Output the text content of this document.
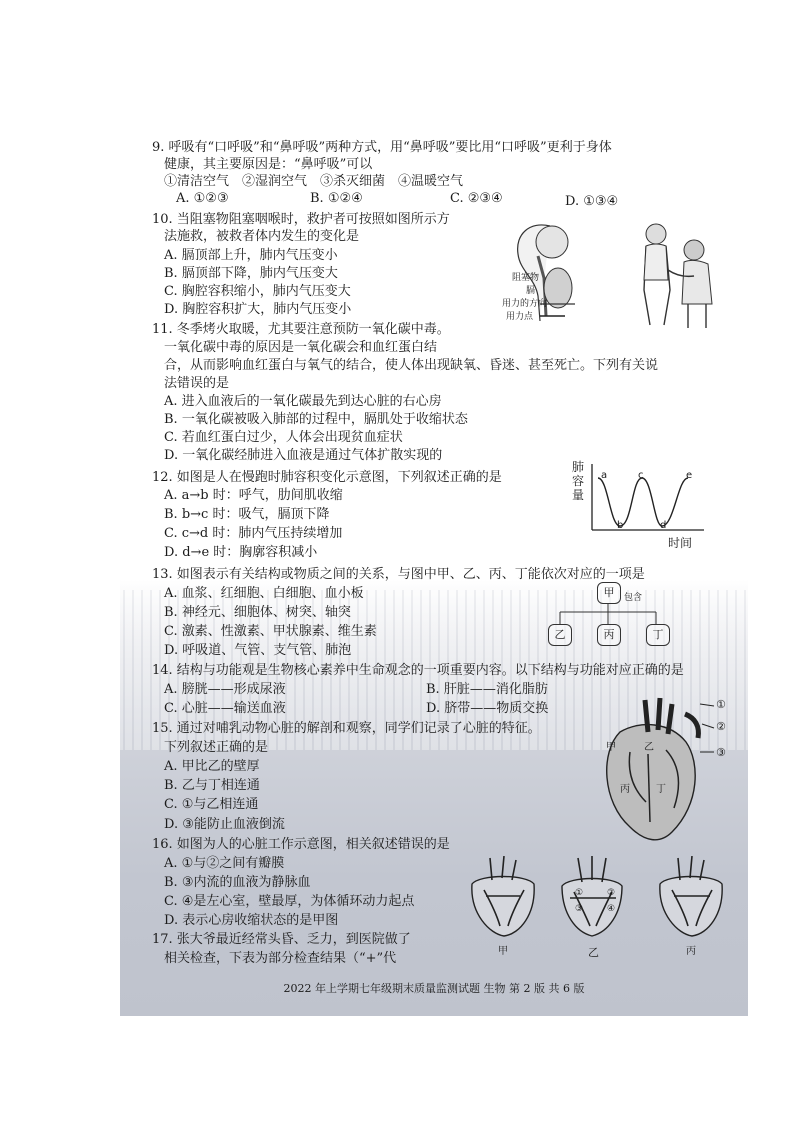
9. 呼吸有“口呼吸”和“鼻呼吸”两种方式，用“鼻呼吸”要比用“口呼吸”更利于身体
健康，其主要原因是：“鼻呼吸”可以
①清洁空气　②湿润空气　③杀灭细菌　④温暖空气
A. ①②③	B. ①②④	C. ②③④	D. ①③④
10. 当阻塞物阻塞咽喉时，救护者可按照如图所示方
法施救，被救者体内发生的变化是
A. 膈顶部上升，肺内气压变小
B. 膈顶部下降，肺内气压变大
C. 胸腔容积缩小，肺内气压变大
D. 胸腔容积扩大，肺内气压变小
阻塞物
膈
用力的方向
用力点
11. 冬季烤火取暖，尤其要注意预防一氧化碳中毒。
一氧化碳中毒的原因是一氧化碳会和血红蛋白结
合，从而影响血红蛋白与氧气的结合，使人体出现缺氧、昏迷、甚至死亡。下列有关说
法错误的是
A. 进入血液后的一氧化碳最先到达心脏的右心房
B. 一氧化碳被吸入肺部的过程中，膈肌处于收缩状态
C. 若血红蛋白过少，人体会出现贫血症状
D. 一氧化碳经肺进入血液是通过气体扩散实现的
12. 如图是人在慢跑时肺容积变化示意图，下列叙述正确的是
A. a→b 时：呼气，肋间肌收缩
B. b→c 时：吸气，膈顶下降
C. c→d 时：肺内气压持续增加
D. d→e 时：胸廓容积减小
肺
容
量
a
b
c
d
e
时间
13. 如图表示有关结构或物质之间的关系，与图中甲、乙、丙、丁能依次对应的一项是
A. 血浆、红细胞、白细胞、血小板
B. 神经元、细胞体、树突、轴突
C. 激素、性激素、甲状腺素、维生素
D. 呼吸道、气管、支气管、肺泡
甲	包含
乙	丙	丁
14. 结构与功能观是生物核心素养中生命观念的一项重要内容。以下结构与功能对应正确的是
A. 膀胱——形成尿液	B. 肝脏——消化脂肪
C. 心脏——输送血液	D. 脐带——物质交换
15. 通过对哺乳动物心脏的解剖和观察，同学们记录了心脏的特征。
下列叙述正确的是
A. 甲比乙的壁厚
B. 乙与丁相连通
C. ①与乙相连通
D. ③能防止血液倒流
①
②
③
甲	乙
丙	丁
16. 如图为人的心脏工作示意图，相关叙述错误的是
A. ①与②之间有瓣膜
B. ③内流的血液为静脉血
C. ④是左心室，壁最厚，为体循环动力起点
D. 表示心房收缩状态的是甲图
甲	乙	丙
①	②
③	④
17. 张大爷最近经常头昏、乏力，到医院做了
相关检查，下表为部分检查结果（“+”代
2022 年上学期七年级期末质量监测试题 生物 第 2 版 共 6 版
